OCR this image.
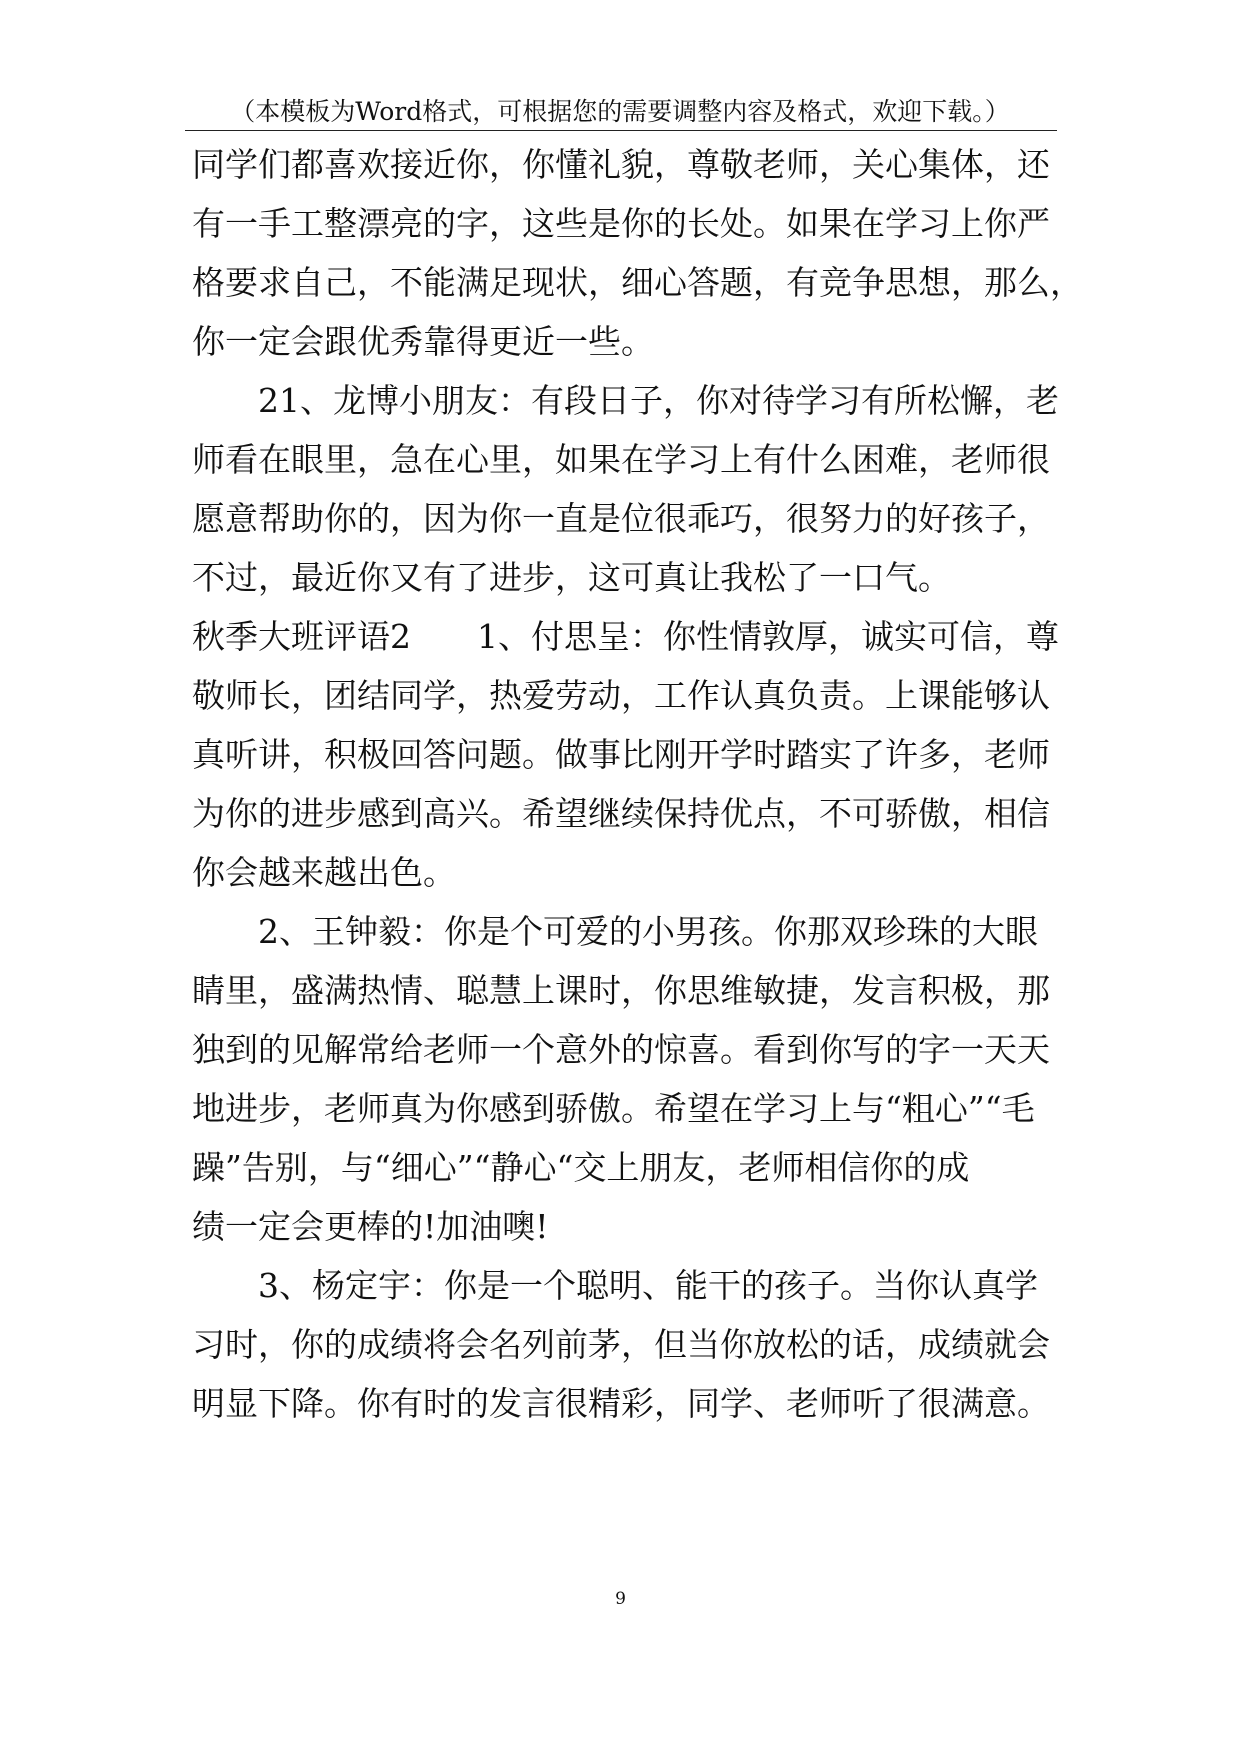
（本模板为Word格式，可根据您的需要调整内容及格式，欢迎下载。）
同学们都喜欢接近你，你懂礼貌，尊敬老师，关心集体，还
有一手工整漂亮的字，这些是你的长处。如果在学习上你严
格要求自己，不能满足现状，细心答题，有竞争思想，那么，
你一定会跟优秀靠得更近一些。
　　21、龙博小朋友：有段日子，你对待学习有所松懈，老
师看在眼里，急在心里，如果在学习上有什么困难，老师很
愿意帮助你的，因为你一直是位很乖巧，很努力的好孩子，
不过，最近你又有了进步，这可真让我松了一口气。
秋季大班评语2　　1、付思呈：你性情敦厚，诚实可信，尊
敬师长，团结同学，热爱劳动，工作认真负责。上课能够认
真听讲，积极回答问题。做事比刚开学时踏实了许多，老师
为你的进步感到高兴。希望继续保持优点，不可骄傲，相信
你会越来越出色。
　　2、王钟毅：你是个可爱的小男孩。你那双珍珠的大眼
睛里，盛满热情、聪慧上课时，你思维敏捷，发言积极，那
独到的见解常给老师一个意外的惊喜。看到你写的字一天天
地进步，老师真为你感到骄傲。希望在学习上与“粗心”“毛
躁”告别，与“细心”“静心“交上朋友，老师相信你的成
绩一定会更棒的!加油噢!
　　3、杨定宇：你是一个聪明、能干的孩子。当你认真学
习时，你的成绩将会名列前茅，但当你放松的话，成绩就会
明显下降。你有时的发言很精彩，同学、老师听了很满意。
9
